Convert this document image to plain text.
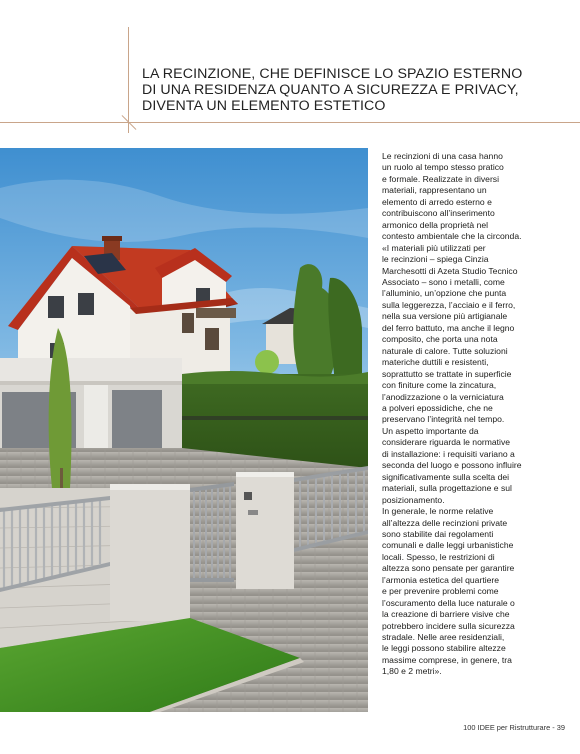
LA RECINZIONE, CHE DEFINISCE LO SPAZIO ESTERNO
DI UNA RESIDENZA QUANTO A SICUREZZA E PRIVACY,
DIVENTA UN ELEMENTO ESTETICO
Le recinzioni di una casa hanno
un ruolo al tempo stesso pratico
e formale. Realizzate in diversi
materiali, rappresentano un
elemento di arredo esterno e
contribuiscono all’inserimento
armonico della proprietà nel
contesto ambientale che la circonda.
«I materiali più utilizzati per
le recinzioni – spiega Cinzia
Marchesotti di Azeta Studio Tecnico
Associato – sono i metalli, come
l’alluminio, un’opzione che punta
sulla leggerezza, l’acciaio e il ferro,
nella sua versione più artigianale
del ferro battuto, ma anche il legno
composito, che porta una nota
naturale di calore. Tutte soluzioni
materiche duttili e resistenti,
soprattutto se trattate in superficie
con finiture come la zincatura,
l’anodizzazione o la verniciatura
a polveri epossidiche, che ne
preservano l’integrità nel tempo.
Un aspetto importante da
considerare riguarda le normative
di installazione: i requisiti variano a
seconda del luogo e possono influire
significativamente sulla scelta dei
materiali, sulla progettazione e sul
posizionamento.
In generale, le norme relative
all’altezza delle recinzioni private
sono stabilite dai regolamenti
comunali e dalle leggi urbanistiche
locali. Spesso, le restrizioni di
altezza sono pensate per garantire
l’armonia estetica del quartiere
e per prevenire problemi come
l’oscuramento della luce naturale o
la creazione di barriere visive che
potrebbero incidere sulla sicurezza
stradale. Nelle aree residenziali,
le leggi possono stabilire altezze
massime comprese, in genere, tra
1,80 e 2 metri».
100 IDEE per Ristrutturare - 39
